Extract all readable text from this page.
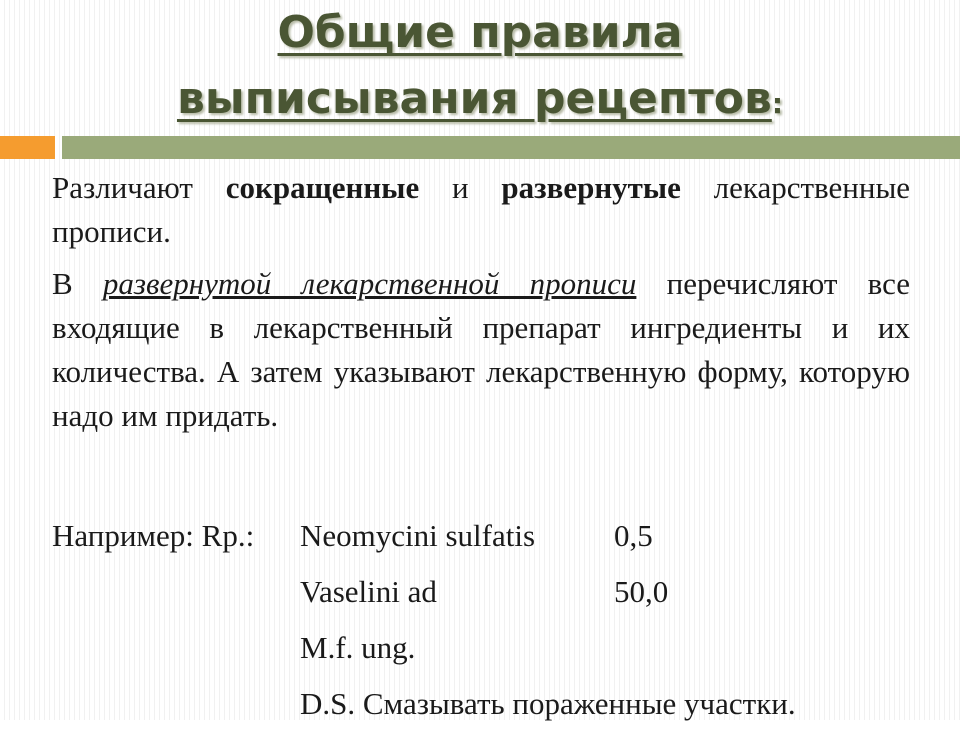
Общие правила
выписывания рецептов:

Различают сокращенные и развернутые лекарственные прописи.

В развернутой лекарственной прописи перечисляют все входящие в лекарственный препарат ингредиенты и их количества. А затем указывают лекарственную форму, которую надо им придать.

Например: Rp.: Neomycini sulfatis	0,5
Vaselini ad	50,0
M.f. ung.
D.S. Смазывать пораженные участки.
